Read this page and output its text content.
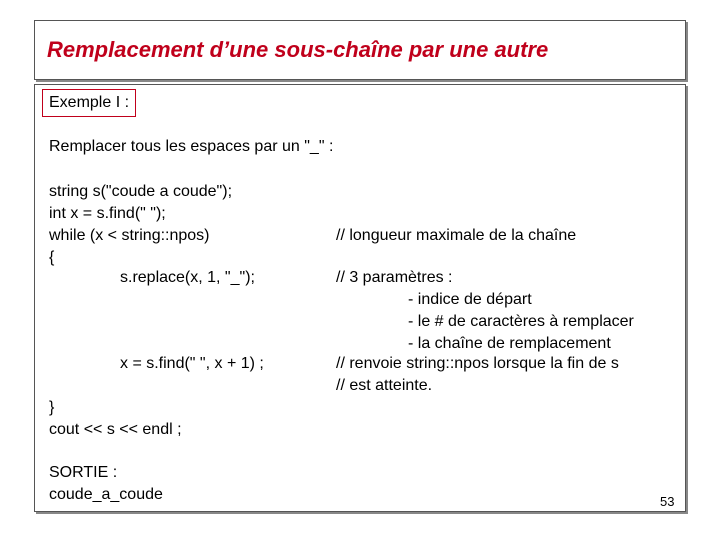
Remplacement d’une sous-chaîne par une autre
Exemple I :
Remplacer tous les espaces par un "_" :
string s("coude a coude");
int x = s.find(" ");
while (x < string::npos)
{
s.replace(x, 1, "_");
x = s.find(" ", x + 1) ;
}
cout << s << endl ;
// longueur maximale de la chaîne
// 3 paramètres :
- indice de départ
- le # de caractères à remplacer
- la chaîne de remplacement
// renvoie string::npos lorsque la fin de s
// est atteinte.
SORTIE :
coude_a_coude	53
